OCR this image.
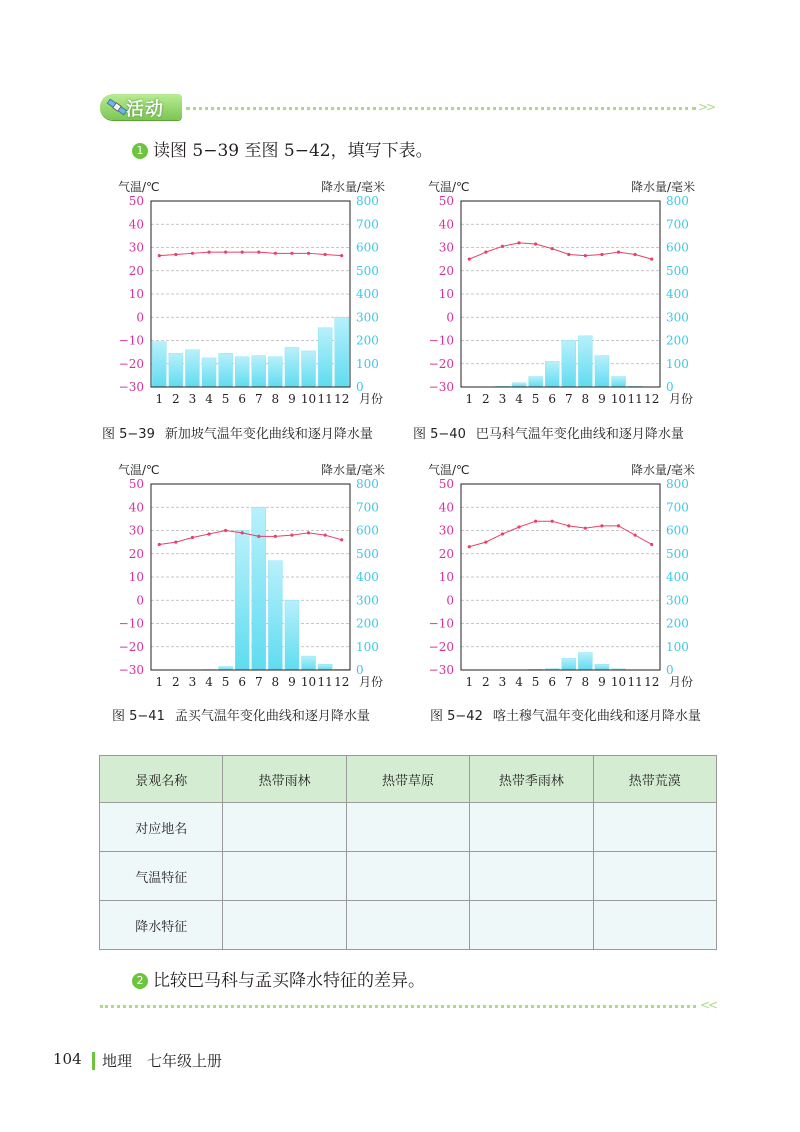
活动	>>
1 读图 5−39 至图 5−42，填写下表。
50
40
30
20
10
0
−10
−20
−30
800
700
600
500
400
300
200
100
0
1 2 3 4 5 6 7 8 9 10 11 12 月份
气温/℃	降水量/毫米
50
40
30
20
10
0
−10
−20
−30
800
700
600
500
400
300
200
100
0
1 2 3 4 5 6 7 8 9 10 11 12 月份
气温/℃	降水量/毫米
50
40
30
20
10
0
−10
−20
−30
800
700
600
500
400
300
200
100
0
1 2 3 4 5 6 7 8 9 10 11 12 月份
气温/℃	降水量/毫米
50
40
30
20
10
0
−10
−20
−30
800
700
600
500
400
300
200
100
0
1 2 3 4 5 6 7 8 9 10 11 12 月份
气温/℃	降水量/毫米
图 5−39 新加坡气温年变化曲线和逐月降水量	图 5−40 巴马科气温年变化曲线和逐月降水量
图 5−41 孟买气温年变化曲线和逐月降水量	图 5−42 喀土穆气温年变化曲线和逐月降水量
景观名称	热带雨林	热带草原	热带季雨林	热带荒漠
对应地名				
气温特征				
降水特征				
2 比较巴马科与孟买降水特征的差异。
<<
104 地理　七年级上册
